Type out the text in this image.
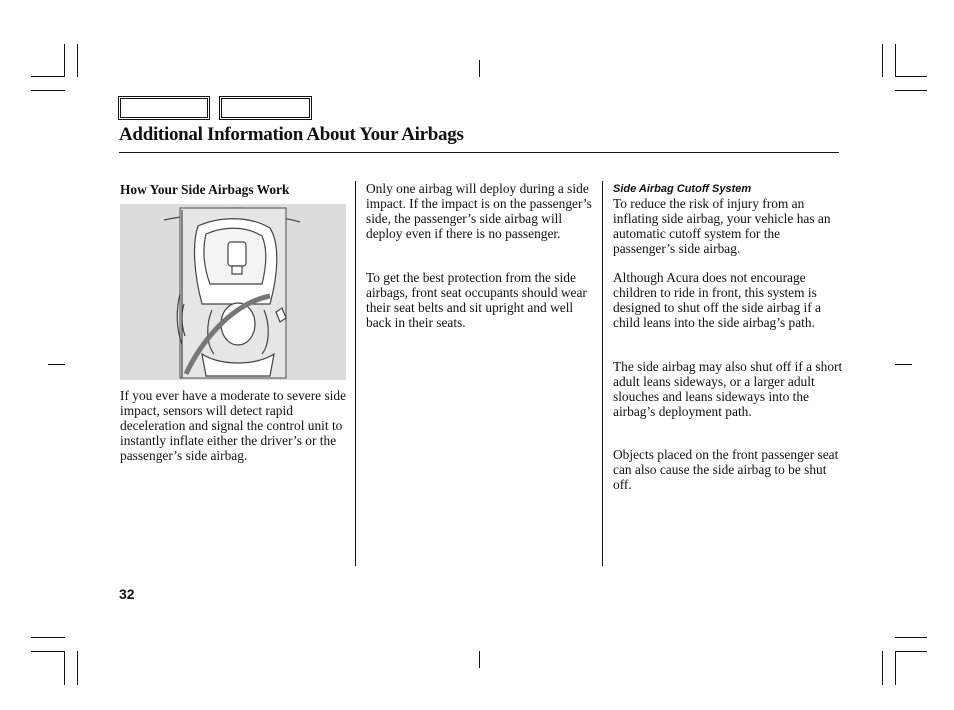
Additional Information About Your Airbags

How Your Side Airbags Work

If you ever have a moderate to severe side impact, sensors will detect rapid deceleration and signal the control unit to instantly inflate either the driver’s or the passenger’s side airbag.

Only one airbag will deploy during a side impact. If the impact is on the passenger’s side, the passenger’s side airbag will deploy even if there is no passenger.

To get the best protection from the side airbags, front seat occupants should wear their seat belts and sit upright and well back in their seats.

Side Airbag Cutoff System

To reduce the risk of injury from an inflating side airbag, your vehicle has an automatic cutoff system for the passenger’s side airbag.

Although Acura does not encourage children to ride in front, this system is designed to shut off the side airbag if a child leans into the side airbag’s path.

The side airbag may also shut off if a short adult leans sideways, or a larger adult slouches and leans sideways into the airbag’s deployment path.

Objects placed on the front passenger seat can also cause the side airbag to be shut off.

32
